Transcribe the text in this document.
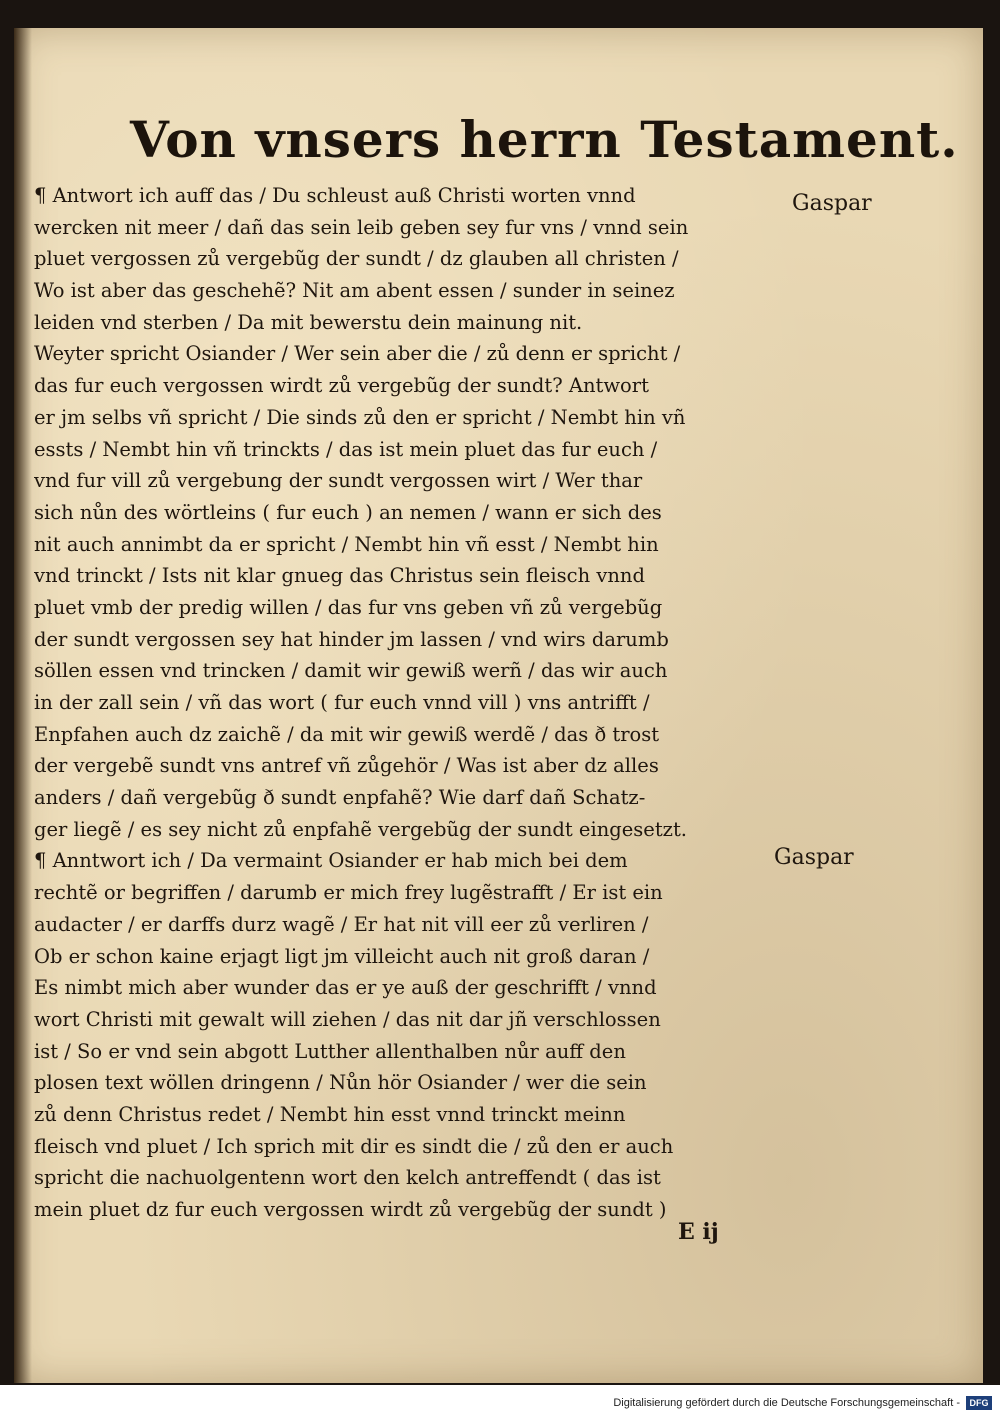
Von vnsers herrn Testament.
Gaspar
Gaspar
¶ Antwort ich auff das / Du schleust auß Christi worten vnnd
wercken nit meer / dañ das sein leib geben sey fur vns / vnnd sein
pluet vergossen zů vergebũg der sundt / dz glauben all christen /
Wo ist aber das geschehẽ? Nit am abent essen / sunder in seinez
leiden vnd sterben / Da mit bewerstu dein mainung nit.
Weyter spricht Osiander / Wer sein aber die / zů denn er spricht /
das fur euch vergossen wirdt zů vergebũg der sundt? Antwort
er jm selbs vñ spricht / Die sinds zů den er spricht / Nembt hin vñ
essts / Nembt hin vñ trinckts / das ist mein pluet das fur euch /
vnd fur vill zů vergebung der sundt vergossen wirt / Wer thar
sich nůn des wörtleins ( fur euch ) an nemen / wann er sich des
nit auch annimbt da er spricht / Nembt hin vñ esst / Nembt hin
vnd trinckt / Ists nit klar gnueg das Christus sein fleisch vnnd
pluet vmb der predig willen / das fur vns geben vñ zů vergebũg
der sundt vergossen sey hat hinder jm lassen / vnd wirs darumb
söllen essen vnd trincken / damit wir gewiß werñ / das wir auch
in der zall sein / vñ das wort ( fur euch vnnd vill ) vns antrifft /
Enpfahen auch dz zaichẽ / da mit wir gewiß werdẽ / das ð trost
der vergebẽ sundt vns antref vñ zůgehör / Was ist aber dz alles
anders / dañ vergebũg ð sundt enpfahẽ? Wie darf dañ Schatz-
ger liegẽ / es sey nicht zů enpfahẽ vergebũg der sundt eingesetzt.
¶ Anntwort ich / Da vermaint Osiander er hab mich bei dem
rechtẽ or begriffen / darumb er mich frey lugẽstrafft / Er ist ein
audacter / er darffs durz wagẽ / Er hat nit vill eer zů verliren /
Ob er schon kaine erjagt ligt jm villeicht auch nit groß daran /
Es nimbt mich aber wunder das er ye auß der geschrifft / vnnd
wort Christi mit gewalt will ziehen / das nit dar jñ verschlossen
ist / So er vnd sein abgott Lutther allenthalben nůr auff den
plosen text wöllen dringenn / Nůn hör Osiander / wer die sein
zů denn Christus redet / Nembt hin esst vnnd trinckt meinn
fleisch vnd pluet / Ich sprich mit dir es sindt die / zů den er auch
spricht die nachuolgentenn wort den kelch antreffendt ( das ist
mein pluet dz fur euch vergossen wirdt zů vergebũg der sundt )
E ij
Digitalisierung gefördert durch die Deutsche Forschungsgemeinschaft -	DFG
